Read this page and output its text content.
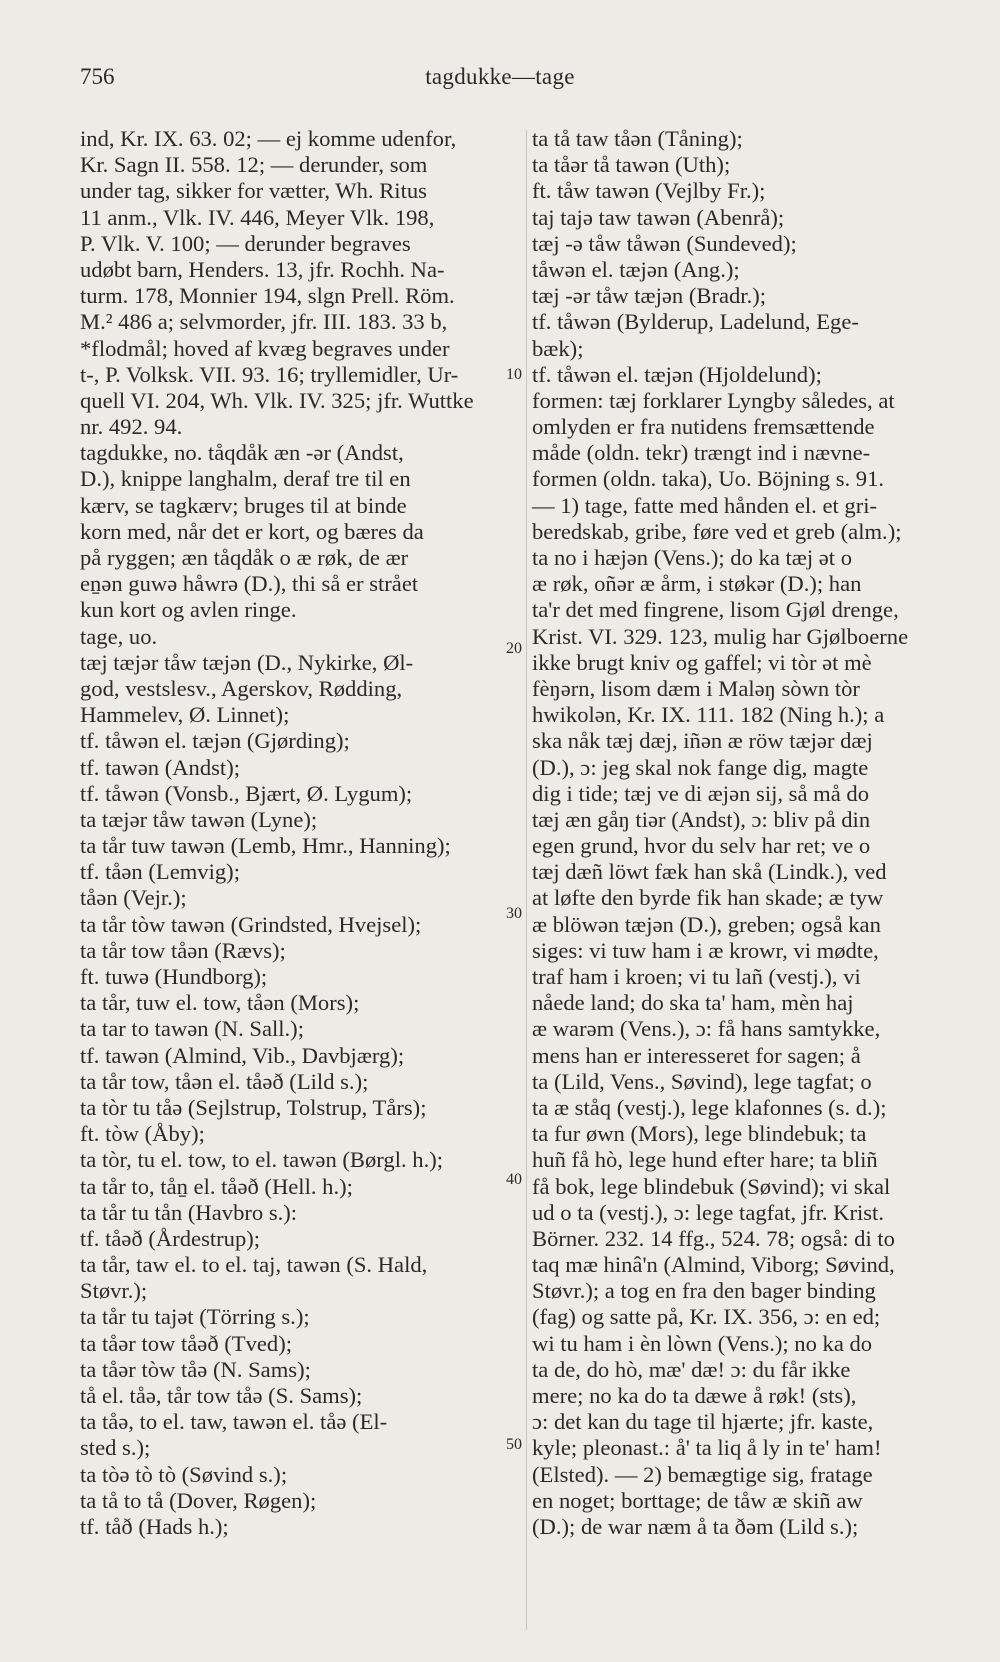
756	tagdukke—tage
ind, Kr. IX. 63. 02; — ej komme udenfor,
Kr. Sagn II. 558. 12; — derunder, som
under tag, sikker for vætter, Wh. Ritus
11 anm., Vlk. IV. 446, Meyer Vlk. 198,
P. Vlk. V. 100; — derunder begraves
udøbt barn, Henders. 13, jfr. Rochh. Na-
turm. 178, Monnier 194, slgn Prell. Röm.
M.² 486 a; selvmorder, jfr. III. 183. 33 b,
*flodmål; hoved af kvæg begraves under
t-, P. Volksk. VII. 93. 16; tryllemidler, Ur-
quell VI. 204, Wh. Vlk. IV. 325; jfr. Wuttke
nr. 492. 94.
tagdukke, no. tåqdåk æn -ər (Andst,
D.), knippe langhalm, deraf tre til en
kærv, se tagkærv; bruges til at binde
korn med, når det er kort, og bæres da
på ryggen; æn tåqdåk o æ røk, de ær
eṉən guwə håwrə (D.), thi så er strået
kun kort og avlen ringe.
tage, uo.
tæj tæjər tåw tæjən (D., Nykirke, Øl-
god, vestslesv., Agerskov, Rødding,
Hammelev, Ø. Linnet);
tf. tåwən el. tæjən (Gjørding);
tf. tawən (Andst);
tf. tåwən (Vonsb., Bjært, Ø. Lygum);
ta tæjər tåw tawən (Lyne);
ta tår tuw tawən (Lemb, Hmr., Hanning);
tf. tåən (Lemvig);
tåən (Vejr.);
ta tår tòw tawən (Grindsted, Hvejsel);
ta tår tow tåən (Rævs);
ft. tuwə (Hundborg);
ta tår, tuw el. tow, tåən (Mors);
ta tar to tawən (N. Sall.);
tf. tawən (Almind, Vib., Davbjærg);
ta tår tow, tåən el. tåəð (Lild s.);
ta tòr tu tåə (Sejlstrup, Tolstrup, Tårs);
ft. tòw (Åby);
ta tòr, tu el. tow, to el. tawən (Børgl. h.);
ta tår to, tåṉ el. tåəð (Hell. h.);
ta tår tu tån (Havbro s.):
tf. tåəð (Årdestrup);
ta tår, taw el. to el. taj, tawən (S. Hald,
Støvr.);
ta tår tu tajət (Törring s.);
ta tåər tow tåəð (Tved);
ta tåər tòw tåə (N. Sams);
tå el. tåə, tår tow tåə (S. Sams);
ta tåə, to el. taw, tawən el. tåə (El-
sted s.);
ta tòə tò tò (Søvind s.);
ta tå to tå (Dover, Røgen);
tf. tåð (Hads h.);
ta tå taw tåən (Tåning);
ta tåər tå tawən (Uth);
ft. tåw tawən (Vejlby Fr.);
taj tajə taw tawən (Abenrå);
tæj -ə tåw tåwən (Sundeved);
tåwən el. tæjən (Ang.);
tæj -ər tåw tæjən (Bradr.);
tf. tåwən (Bylderup, Ladelund, Ege-
bæk);
tf. tåwən el. tæjən (Hjoldelund);
formen: tæj forklarer Lyngby således, at
omlyden er fra nutidens fremsættende
måde (oldn. tekr) trængt ind i nævne-
formen (oldn. taka), Uo. Böjning s. 91.
— 1) tage, fatte med hånden el. et gri-
beredskab, gribe, føre ved et greb (alm.);
ta no i hæjən (Vens.); do ka tæj ət o
æ røk, oñər æ årm, i støkər (D.); han
ta'r det med fingrene, lisom Gjøl drenge,
Krist. VI. 329. 123, mulig har Gjølboerne
ikke brugt kniv og gaffel; vi tòr ət mè
fèŋərn, lisom dæm i Maləŋ sòwn tòr
hwikolən, Kr. IX. 111. 182 (Ning h.); a
ska nåk tæj dæj, iñən æ röw tæjər dæj
(D.), ɔ: jeg skal nok fange dig, magte
dig i tide; tæj ve di æjən sij, så må do
tæj æn gåŋ tiər (Andst), ɔ: bliv på din
egen grund, hvor du selv har ret; ve o
tæj dæñ löwt fæk han skå (Lindk.), ved
at løfte den byrde fik han skade; æ tyw
æ blöwən tæjən (D.), greben; også kan
siges: vi tuw ham i æ krowr, vi mødte,
traf ham i kroen; vi tu lañ (vestj.), vi
nåede land; do ska ta' ham, mèn haj
æ warəm (Vens.), ɔ: få hans samtykke,
mens han er interesseret for sagen; å
ta (Lild, Vens., Søvind), lege tagfat; o
ta æ ståq (vestj.), lege klafonnes (s. d.);
ta fur øwn (Mors), lege blindebuk; ta
huñ få hò, lege hund efter hare; ta bliñ
få bok, lege blindebuk (Søvind); vi skal
ud o ta (vestj.), ɔ: lege tagfat, jfr. Krist.
Börner. 232. 14 ffg., 524. 78; også: di to
taq mæ hinâ'n (Almind, Viborg; Søvind,
Støvr.); a tog en fra den bager binding
(fag) og satte på, Kr. IX. 356, ɔ: en ed;
wi tu ham i èn lòwn (Vens.); no ka do
ta de, do hò, mæ' dæ! ɔ: du får ikke
mere; no ka do ta dæwe å røk! (sts),
ɔ: det kan du tage til hjærte; jfr. kaste,
kyle; pleonast.: å' ta liq å ly in te' ham!
(Elsted). — 2) bemægtige sig, fratage
en noget; borttage; de tåw æ skiñ aw
(D.); de war næm å ta ðəm (Lild s.);
10
20
30
40
50
